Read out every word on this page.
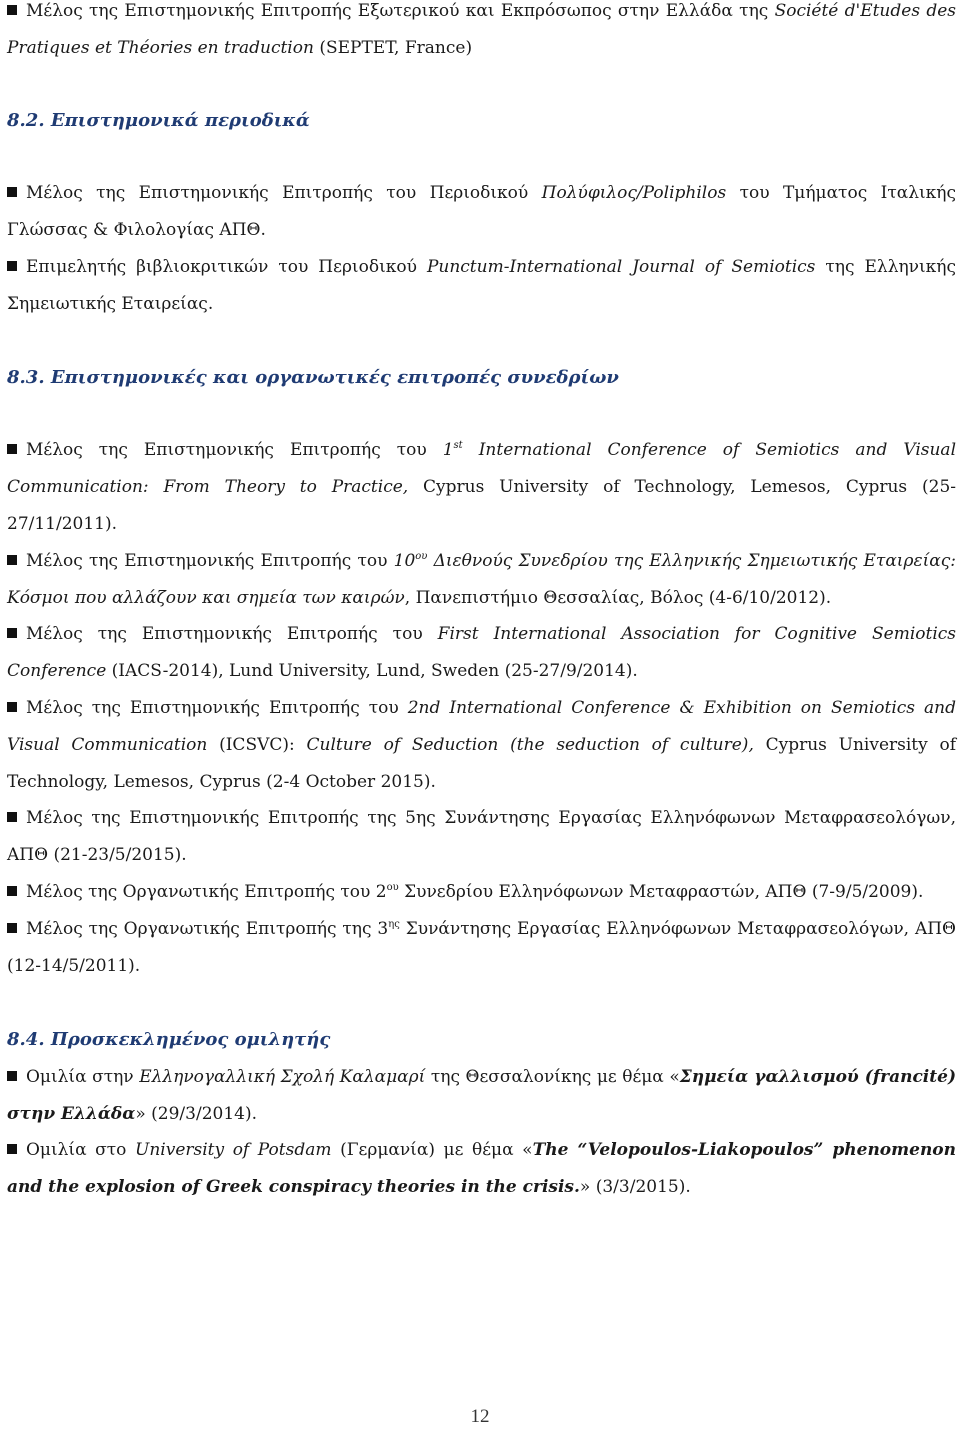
Μέλος της Επιστημονικής Επιτροπής Εξωτερικού και Εκπρόσωπος στην Ελλάδα της Société d'Etudes des Pratiques et Théories en traduction (SEPTET, France)

8.2. Επιστημονικά περιοδικά

Μέλος της Επιστημονικής Επιτροπής του Περιοδικού Πολύφιλος/Poliphilos του Τμήματος Ιταλικής Γλώσσας & Φιλολογίας ΑΠΘ.

Επιμελητής βιβλιοκριτικών του Περιοδικού Punctum-International Journal of Semiotics της Ελληνικής Σημειωτικής Εταιρείας.

8.3. Επιστημονικές και οργανωτικές επιτροπές συνεδρίων

Μέλος της Επιστημονικής Επιτροπής του 1st International Conference of Semiotics and Visual Communication: From Theory to Practice, Cyprus University of Technology, Lemesos, Cyprus (25-27/11/2011).

Μέλος της Επιστημονικής Επιτροπής του $10^{o\upsilon}$ Διεθνούς Συνεδρίου της Ελληνικής Σημειωτικής Εταιρείας: Κόσμοι που αλλάζουν και σημεία των καιρών, Πανεπιστήμιο Θεσσαλίας, Βόλος (4-6/10/2012).

Μέλος της Επιστημονικής Επιτροπής του First International Association for Cognitive Semiotics Conference (IACS-2014), Lund University, Lund, Sweden (25-27/9/2014).

Μέλος της Επιστημονικής Επιτροπής του 2nd International Conference & Exhibition on Semiotics and Visual Communication (ICSVC): Culture of Seduction (the seduction of culture), Cyprus University of Technology, Lemesos, Cyprus (2-4 October 2015).

Μέλος της Επιστημονικής Επιτροπής της 5ης Συνάντησης Εργασίας Ελληνόφωνων Μεταφρασεολόγων, ΑΠΘ (21-23/5/2015).

Μέλος της Οργανωτικής Επιτροπής του $2^{o\upsilon}$ Συνεδρίου Ελληνόφωνων Μεταφραστών, ΑΠΘ (7-9/5/2009).

Μέλος της Οργανωτικής Επιτροπής της $3^{\eta\varsigma}$ Συνάντησης Εργασίας Ελληνόφωνων Μεταφρασεολόγων, ΑΠΘ (12-14/5/2011).

8.4. Προσκεκλημένος ομιλητής

Ομιλία στην Ελληνογαλλική Σχολή Καλαμαρί της Θεσσαλονίκης με θέμα «Σημεία γαλλισμού (francité) στην Ελλάδα» (29/3/2014).

Ομιλία στο University of Potsdam (Γερμανία) με θέμα «The “Velopoulos-Liakopoulos” phenomenon and the explosion of Greek conspiracy theories in the crisis.» (3/3/2015).

12
